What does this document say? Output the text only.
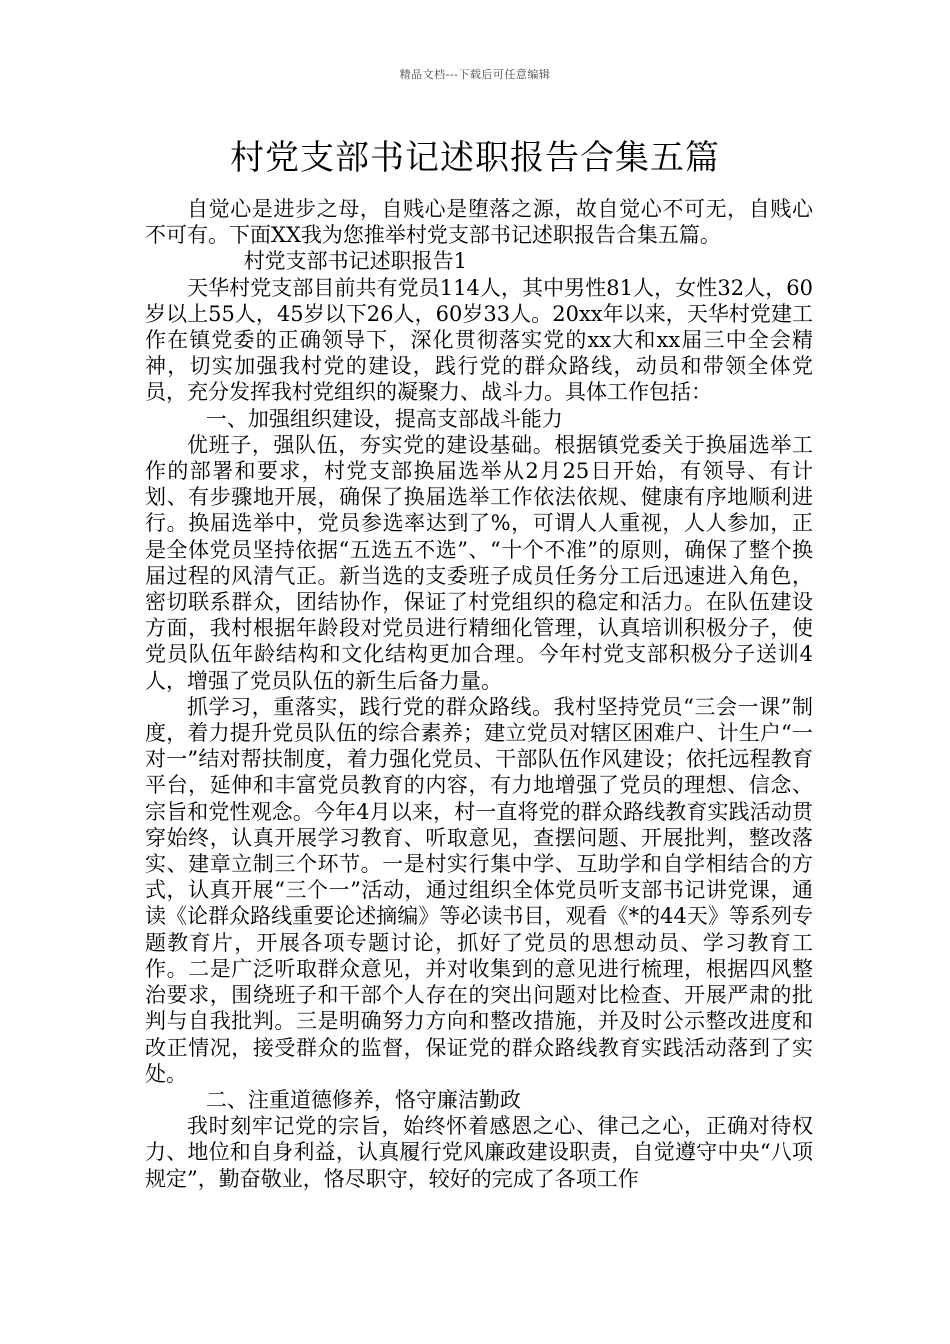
精品文档---下载后可任意编辑
村党支部书记述职报告合集五篇

自觉心是进步之母，自贱心是堕落之源，故自觉心不可无，自贱心不可有。下面XX我为您推举村党支部书记述职报告合集五篇。

村党支部书记述职报告1

天华村党支部目前共有党员114人，其中男性81人，女性32人，60岁以上55人，45岁以下26人，60岁33人。20xx年以来，天华村党建工作在镇党委的正确领导下，深化贯彻落实党的xx大和xx届三中全会精神，切实加强我村党的建设，践行党的群众路线，动员和带领全体党员，充分发挥我村党组织的凝聚力、战斗力。具体工作包括：

一、加强组织建设，提高支部战斗能力

优班子，强队伍，夯实党的建设基础。根据镇党委关于换届选举工作的部署和要求，村党支部换届选举从2月25日开始，有领导、有计划、有步骤地开展，确保了换届选举工作依法依规、健康有序地顺利进行。换届选举中，党员参选率达到了%，可谓人人重视，人人参加，正是全体党员坚持依据“五选五不选”、“十个不准”的原则，确保了整个换届过程的风清气正。新当选的支委班子成员任务分工后迅速进入角色，密切联系群众，团结协作，保证了村党组织的稳定和活力。在队伍建设方面，我村根据年龄段对党员进行精细化管理，认真培训积极分子，使党员队伍年龄结构和文化结构更加合理。今年村党支部积极分子送训4人，增强了党员队伍的新生后备力量。

抓学习，重落实，践行党的群众路线。我村坚持党员“三会一课”制度，着力提升党员队伍的综合素养；建立党员对辖区困难户、计生户“一对一”结对帮扶制度，着力强化党员、干部队伍作风建设；依托远程教育平台，延伸和丰富党员教育的内容，有力地增强了党员的理想、信念、宗旨和党性观念。今年4月以来，村一直将党的群众路线教育实践活动贯穿始终，认真开展学习教育、听取意见，查摆问题、开展批判，整改落实、建章立制三个环节。一是村实行集中学、互助学和自学相结合的方式，认真开展“三个一”活动，通过组织全体党员听支部书记讲党课，通读《论群众路线重要论述摘编》等必读书目，观看《*的44天》等系列专题教育片，开展各项专题讨论，抓好了党员的思想动员、学习教育工作。二是广泛听取群众意见，并对收集到的意见进行梳理，根据四风整治要求，围绕班子和干部个人存在的突出问题对比检查、开展严肃的批判与自我批判。三是明确努力方向和整改措施，并及时公示整改进度和改正情况，接受群众的监督，保证党的群众路线教育实践活动落到了实处。

二、注重道德修养，恪守廉洁勤政

我时刻牢记党的宗旨，始终怀着感恩之心、律己之心，正确对待权力、地位和自身利益，认真履行党风廉政建设职责，自觉遵守中央“八项规定”，勤奋敬业，恪尽职守，较好的完成了各项工作
